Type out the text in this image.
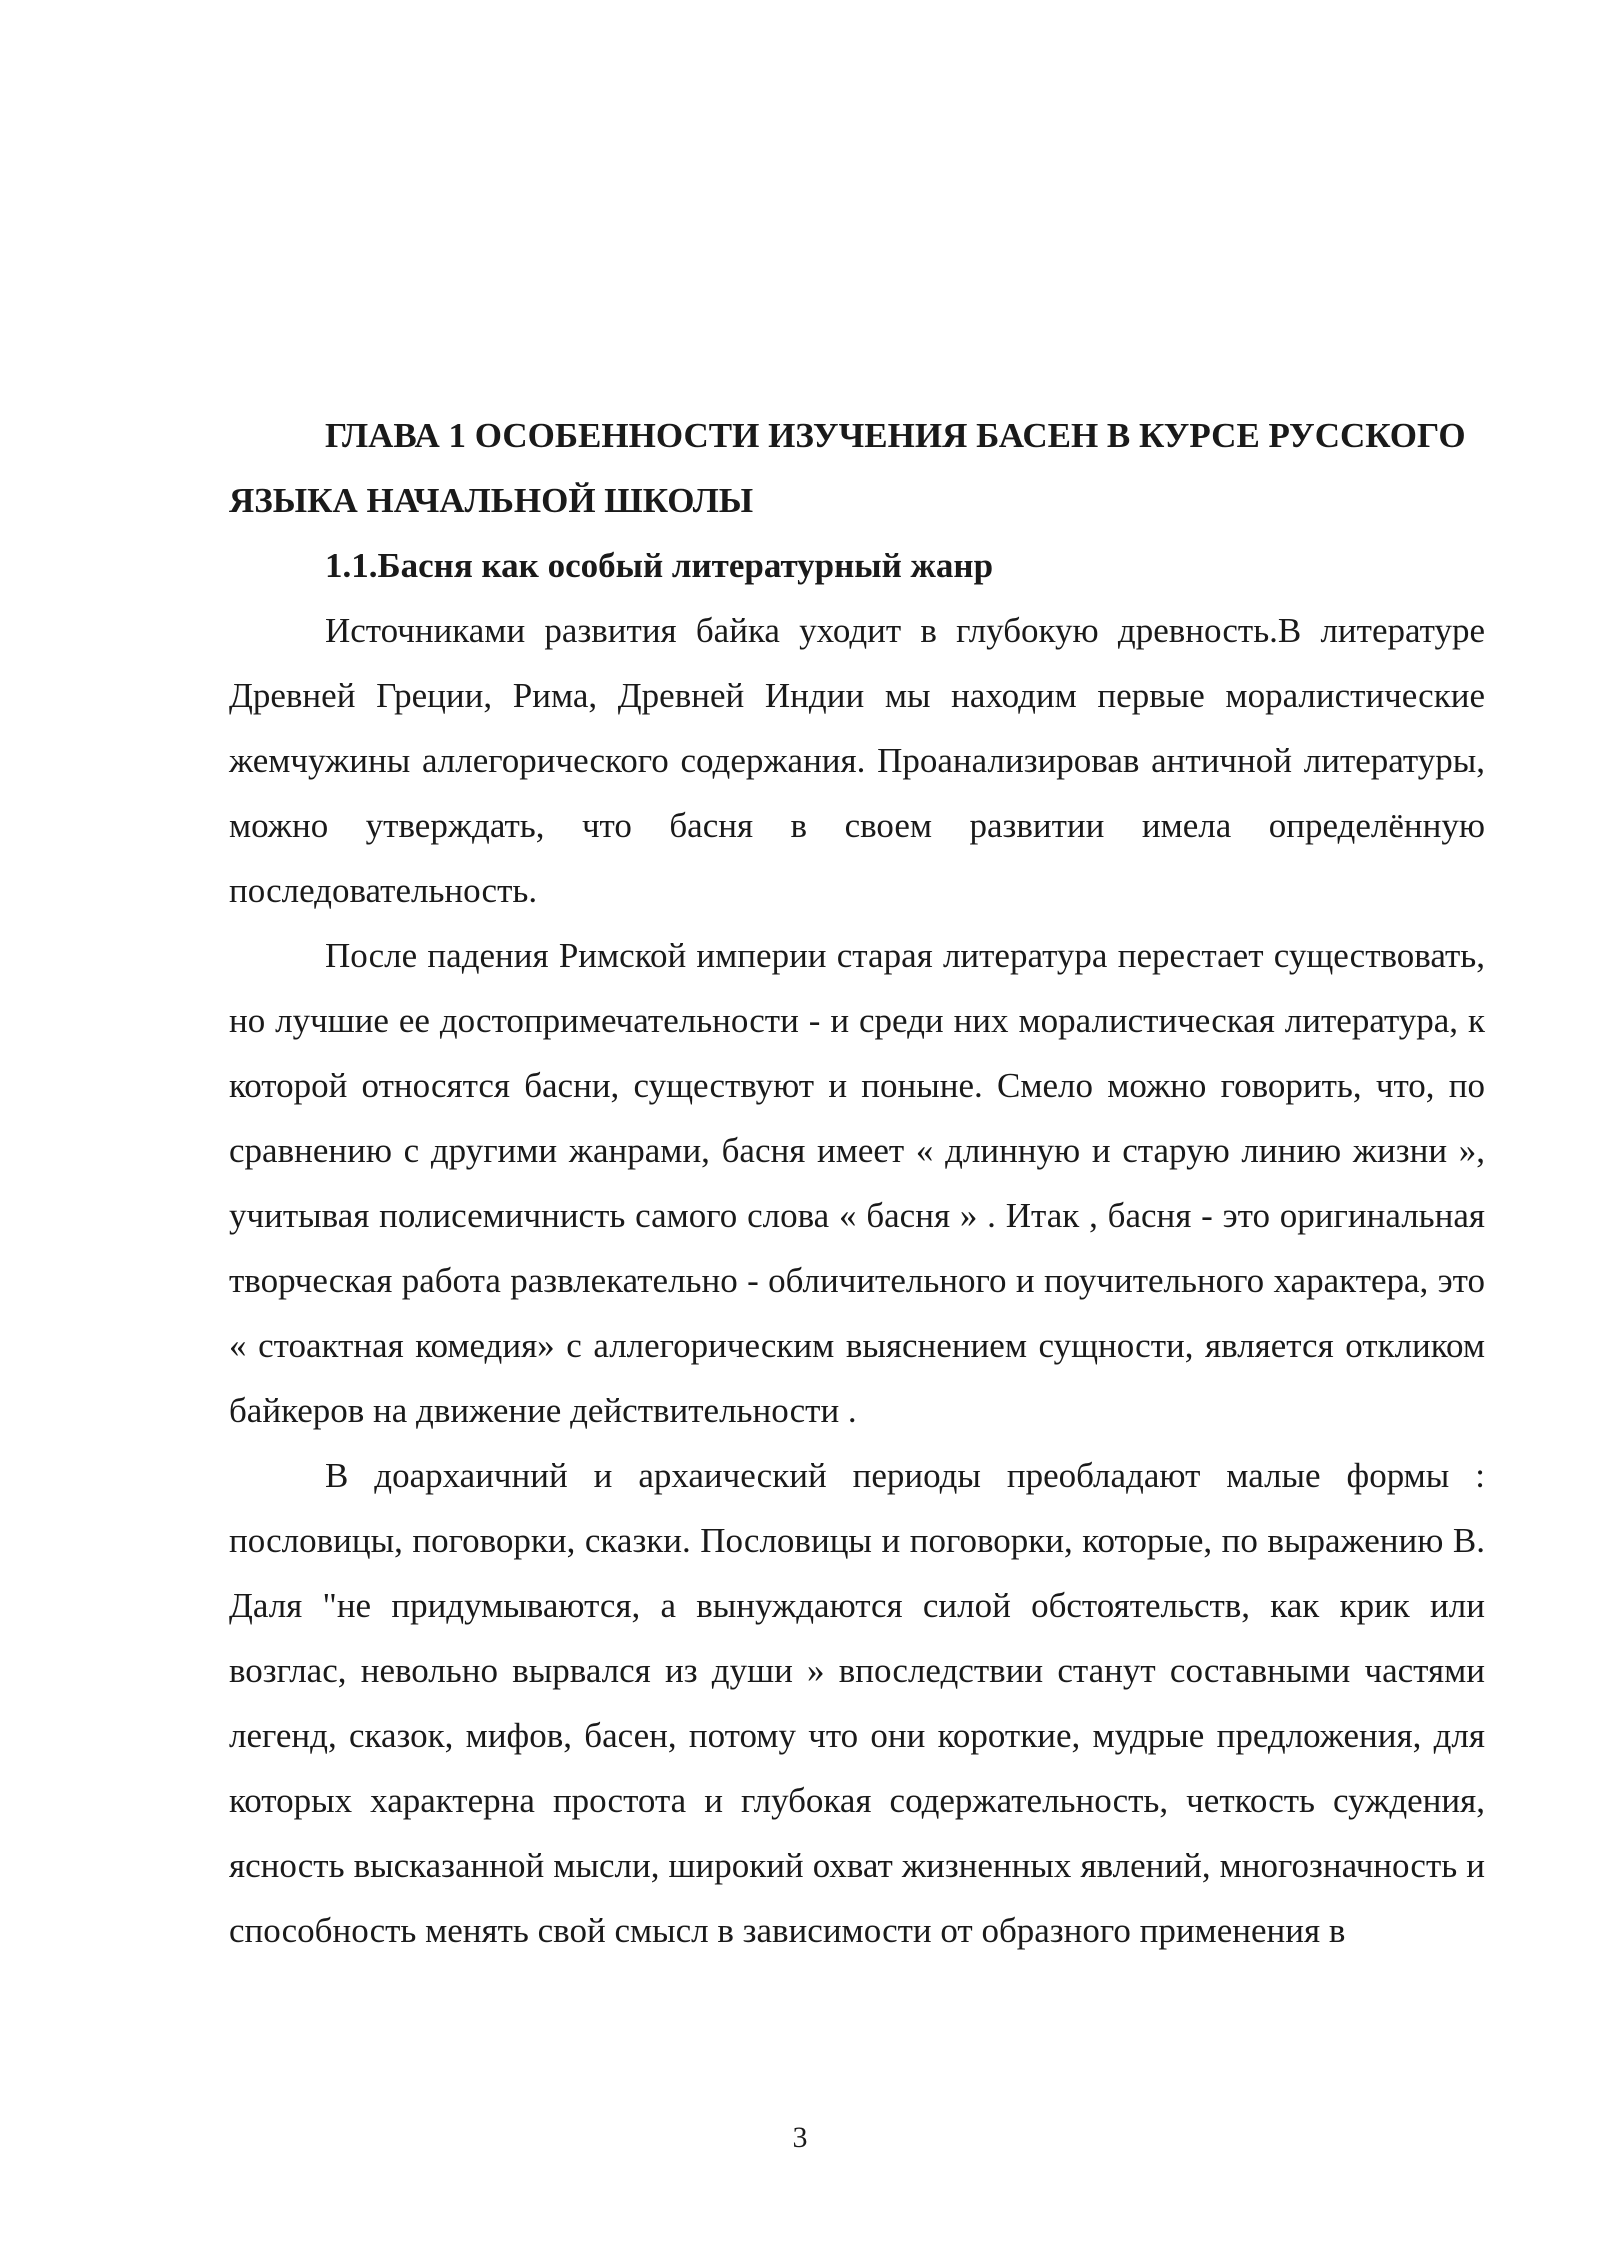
ГЛАВА 1 ОСОБЕННОСТИ ИЗУЧЕНИЯ БАСЕН В КУРСЕ РУССКОГО ЯЗЫКА НАЧАЛЬНОЙ ШКОЛЫ

1.1.Басня как особый литературный жанр

Источниками развития байка уходит в глубокую древность.В литературе Древней Греции, Рима, Древней Индии мы находим первые моралистические жемчужины аллегорического содержания. Проанализировав античной литературы, можно утверждать, что басня в своем развитии имела определённую последовательность.

После падения Римской империи старая литература перестает существовать, но лучшие ее достопримечательности - и среди них моралистическая литература, к которой относятся басни, существуют и поныне. Смело можно говорить, что, по сравнению с другими жанрами, басня имеет « длинную и старую линию жизни », учитывая полисемичнисть самого слова « басня » . Итак , басня - это оригинальная творческая работа развлекательно - обличительного и поучительного характера, это « стоактная комедия» с аллегорическим выяснением сущности, является откликом байкеров на движение действительности .

В доархаичний и архаический периоды преобладают малые формы : пословицы, поговорки, сказки. Пословицы и поговорки, которые, по выражению В. Даля "не придумываются, а вынуждаются силой обстоятельств, как крик или возглас, невольно вырвался из души » впоследствии станут составными частями легенд, сказок, мифов, басен, потому что они короткие, мудрые предложения, для которых характерна простота и глубокая содержательность, четкость суждения, ясность высказанной мысли, широкий охват жизненных явлений, многозначность и способность менять свой смысл в зависимости от образного применения в

3
